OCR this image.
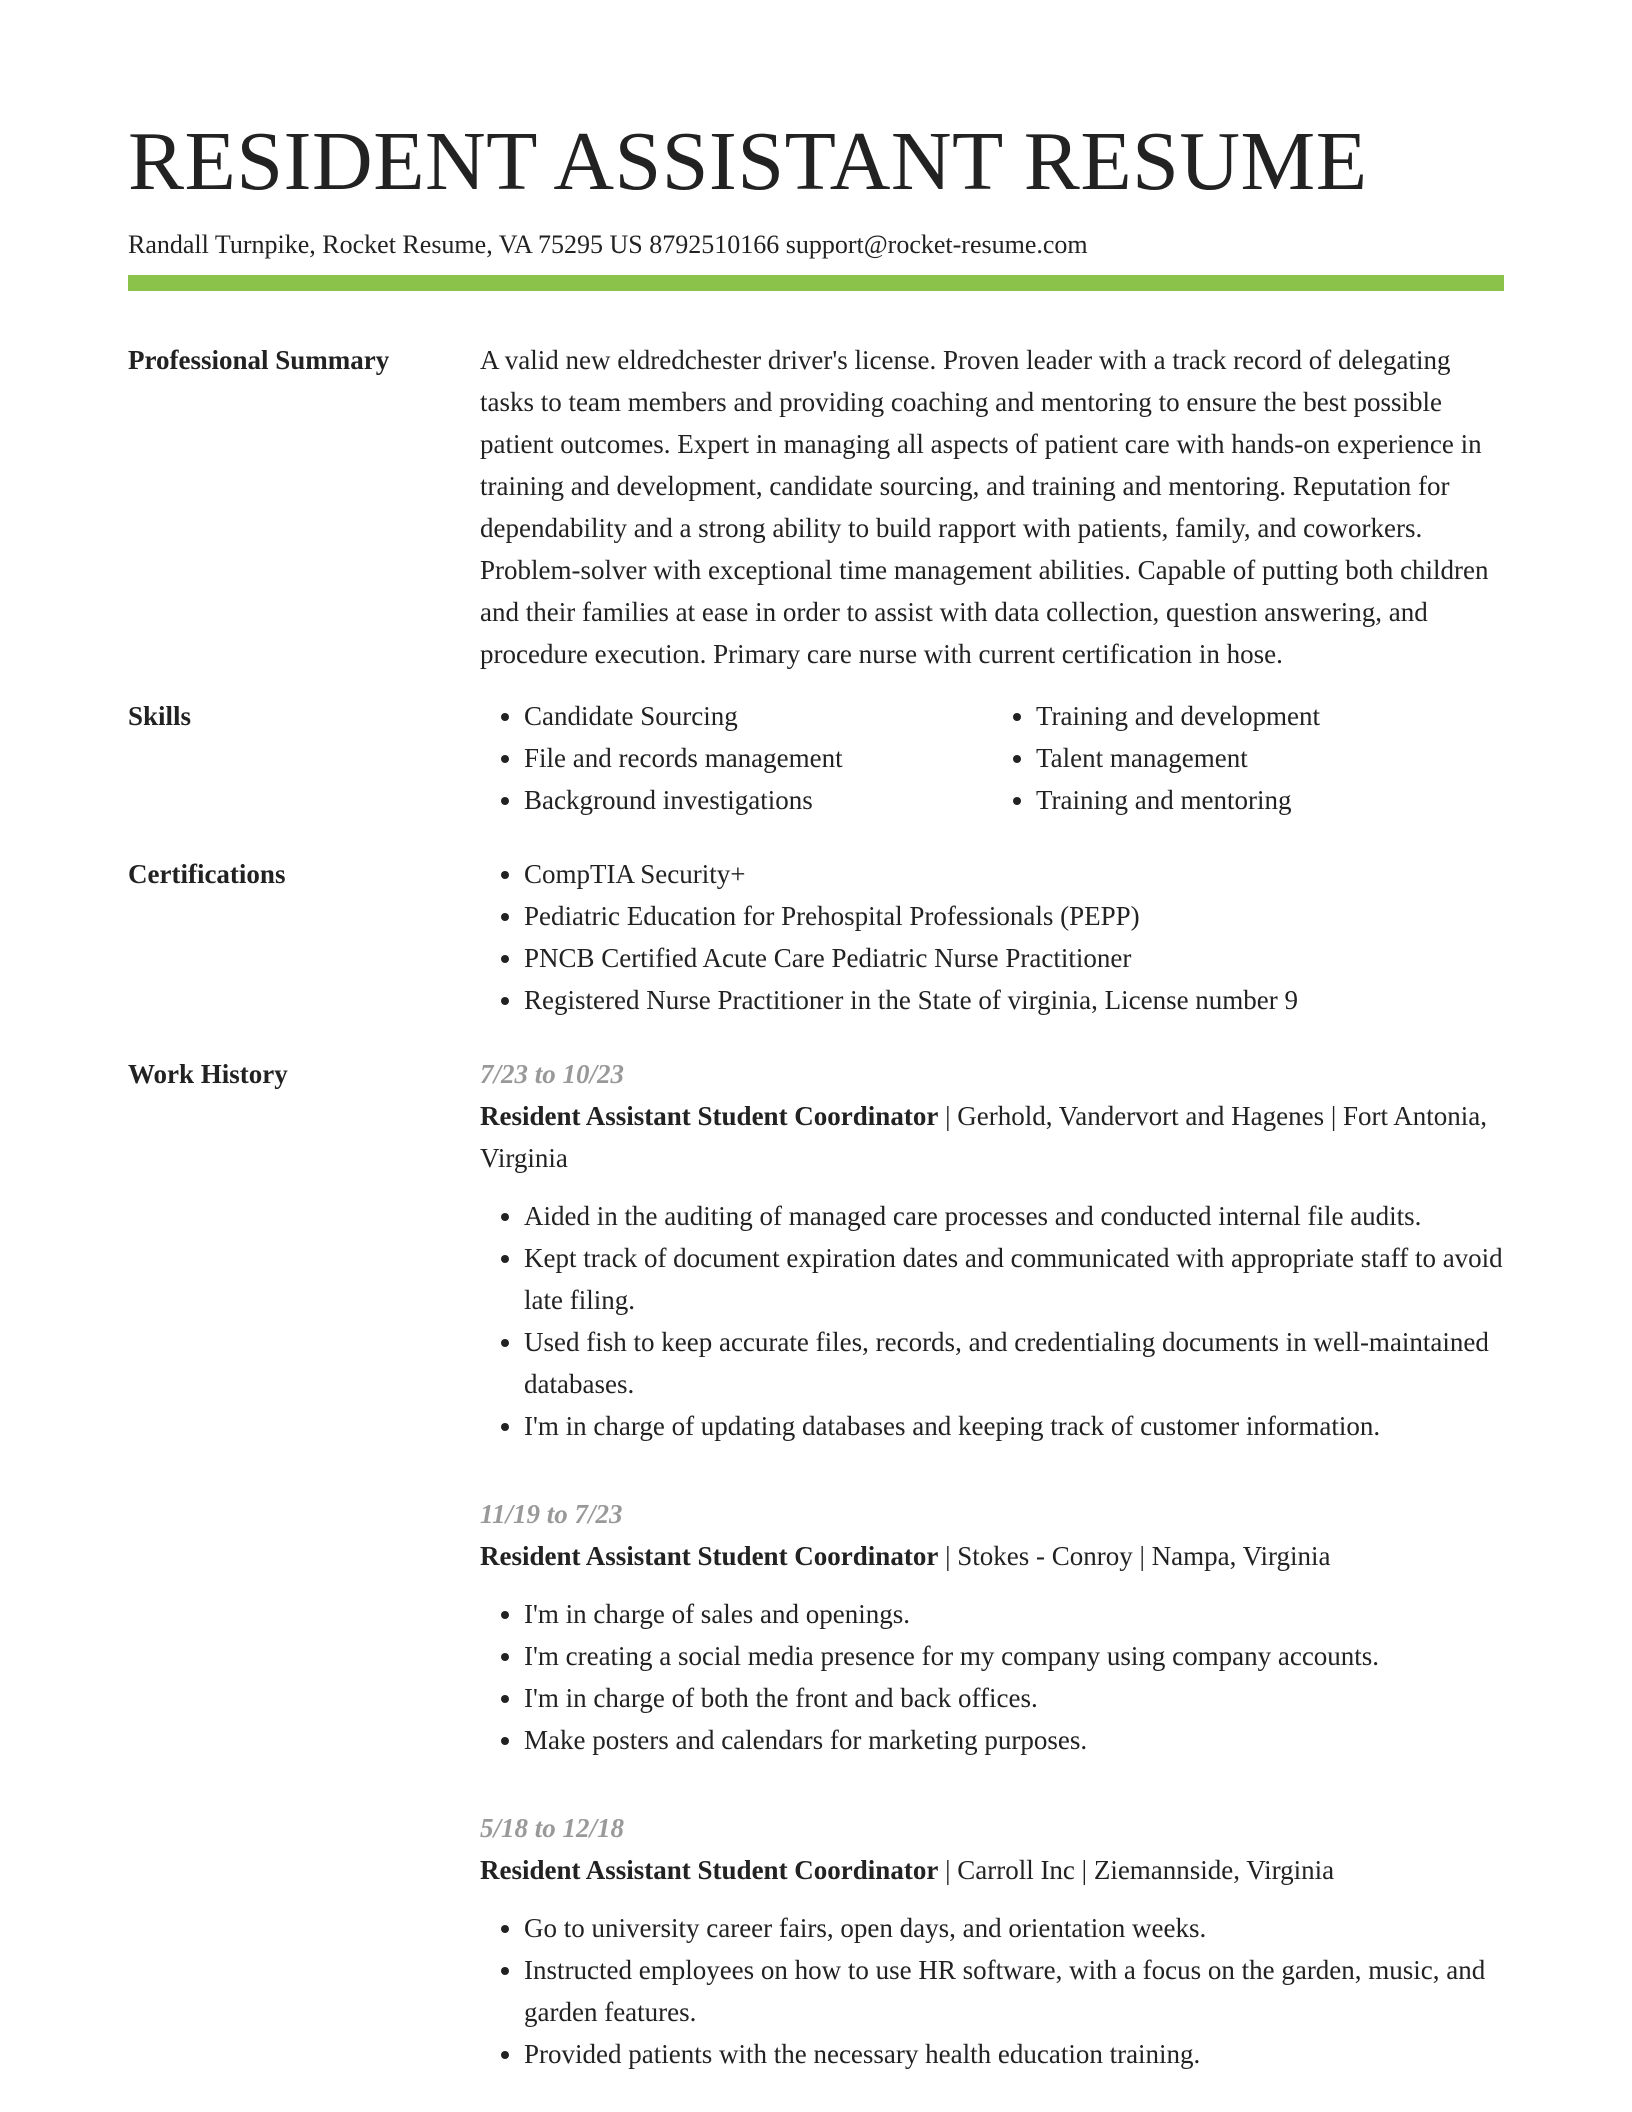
RESIDENT ASSISTANT RESUME
Randall Turnpike, Rocket Resume, VA 75295 US 8792510166 support@rocket-resume.com
Professional Summary	A valid new eldredchester driver's license. Proven leader with a track record of delegating tasks to team members and providing coaching and mentoring to ensure the best possible patient outcomes. Expert in managing all aspects of patient care with hands-on experience in training and development, candidate sourcing, and training and mentoring. Reputation for dependability and a strong ability to build rapport with patients, family, and coworkers. Problem-solver with exceptional time management abilities. Capable of putting both children and their families at ease in order to assist with data collection, question answering, and procedure execution. Primary care nurse with current certification in hose.

Skills	• Candidate Sourcing
• File and records management
• Background investigations
• Training and development
• Talent management
• Training and mentoring
Certifications	• CompTIA Security+
• Pediatric Education for Prehospital Professionals (PEPP)
• PNCB Certified Acute Care Pediatric Nurse Practitioner
• Registered Nurse Practitioner in the State of virginia, License number 9
Work History	7/23 to 10/23
Resident Assistant Student Coordinator | Gerhold, Vandervort and Hagenes | Fort Antonia, Virginia
• Aided in the auditing of managed care processes and conducted internal file audits.
• Kept track of document expiration dates and communicated with appropriate staff to avoid late filing.
• Used fish to keep accurate files, records, and credentialing documents in well-maintained databases.
• I'm in charge of updating databases and keeping track of customer information.
11/19 to 7/23
Resident Assistant Student Coordinator | Stokes - Conroy | Nampa, Virginia
• I'm in charge of sales and openings.
• I'm creating a social media presence for my company using company accounts.
• I'm in charge of both the front and back offices.
• Make posters and calendars for marketing purposes.
5/18 to 12/18
Resident Assistant Student Coordinator | Carroll Inc | Ziemannside, Virginia
• Go to university career fairs, open days, and orientation weeks.
• Instructed employees on how to use HR software, with a focus on the garden, music, and garden features.
• Provided patients with the necessary health education training.
